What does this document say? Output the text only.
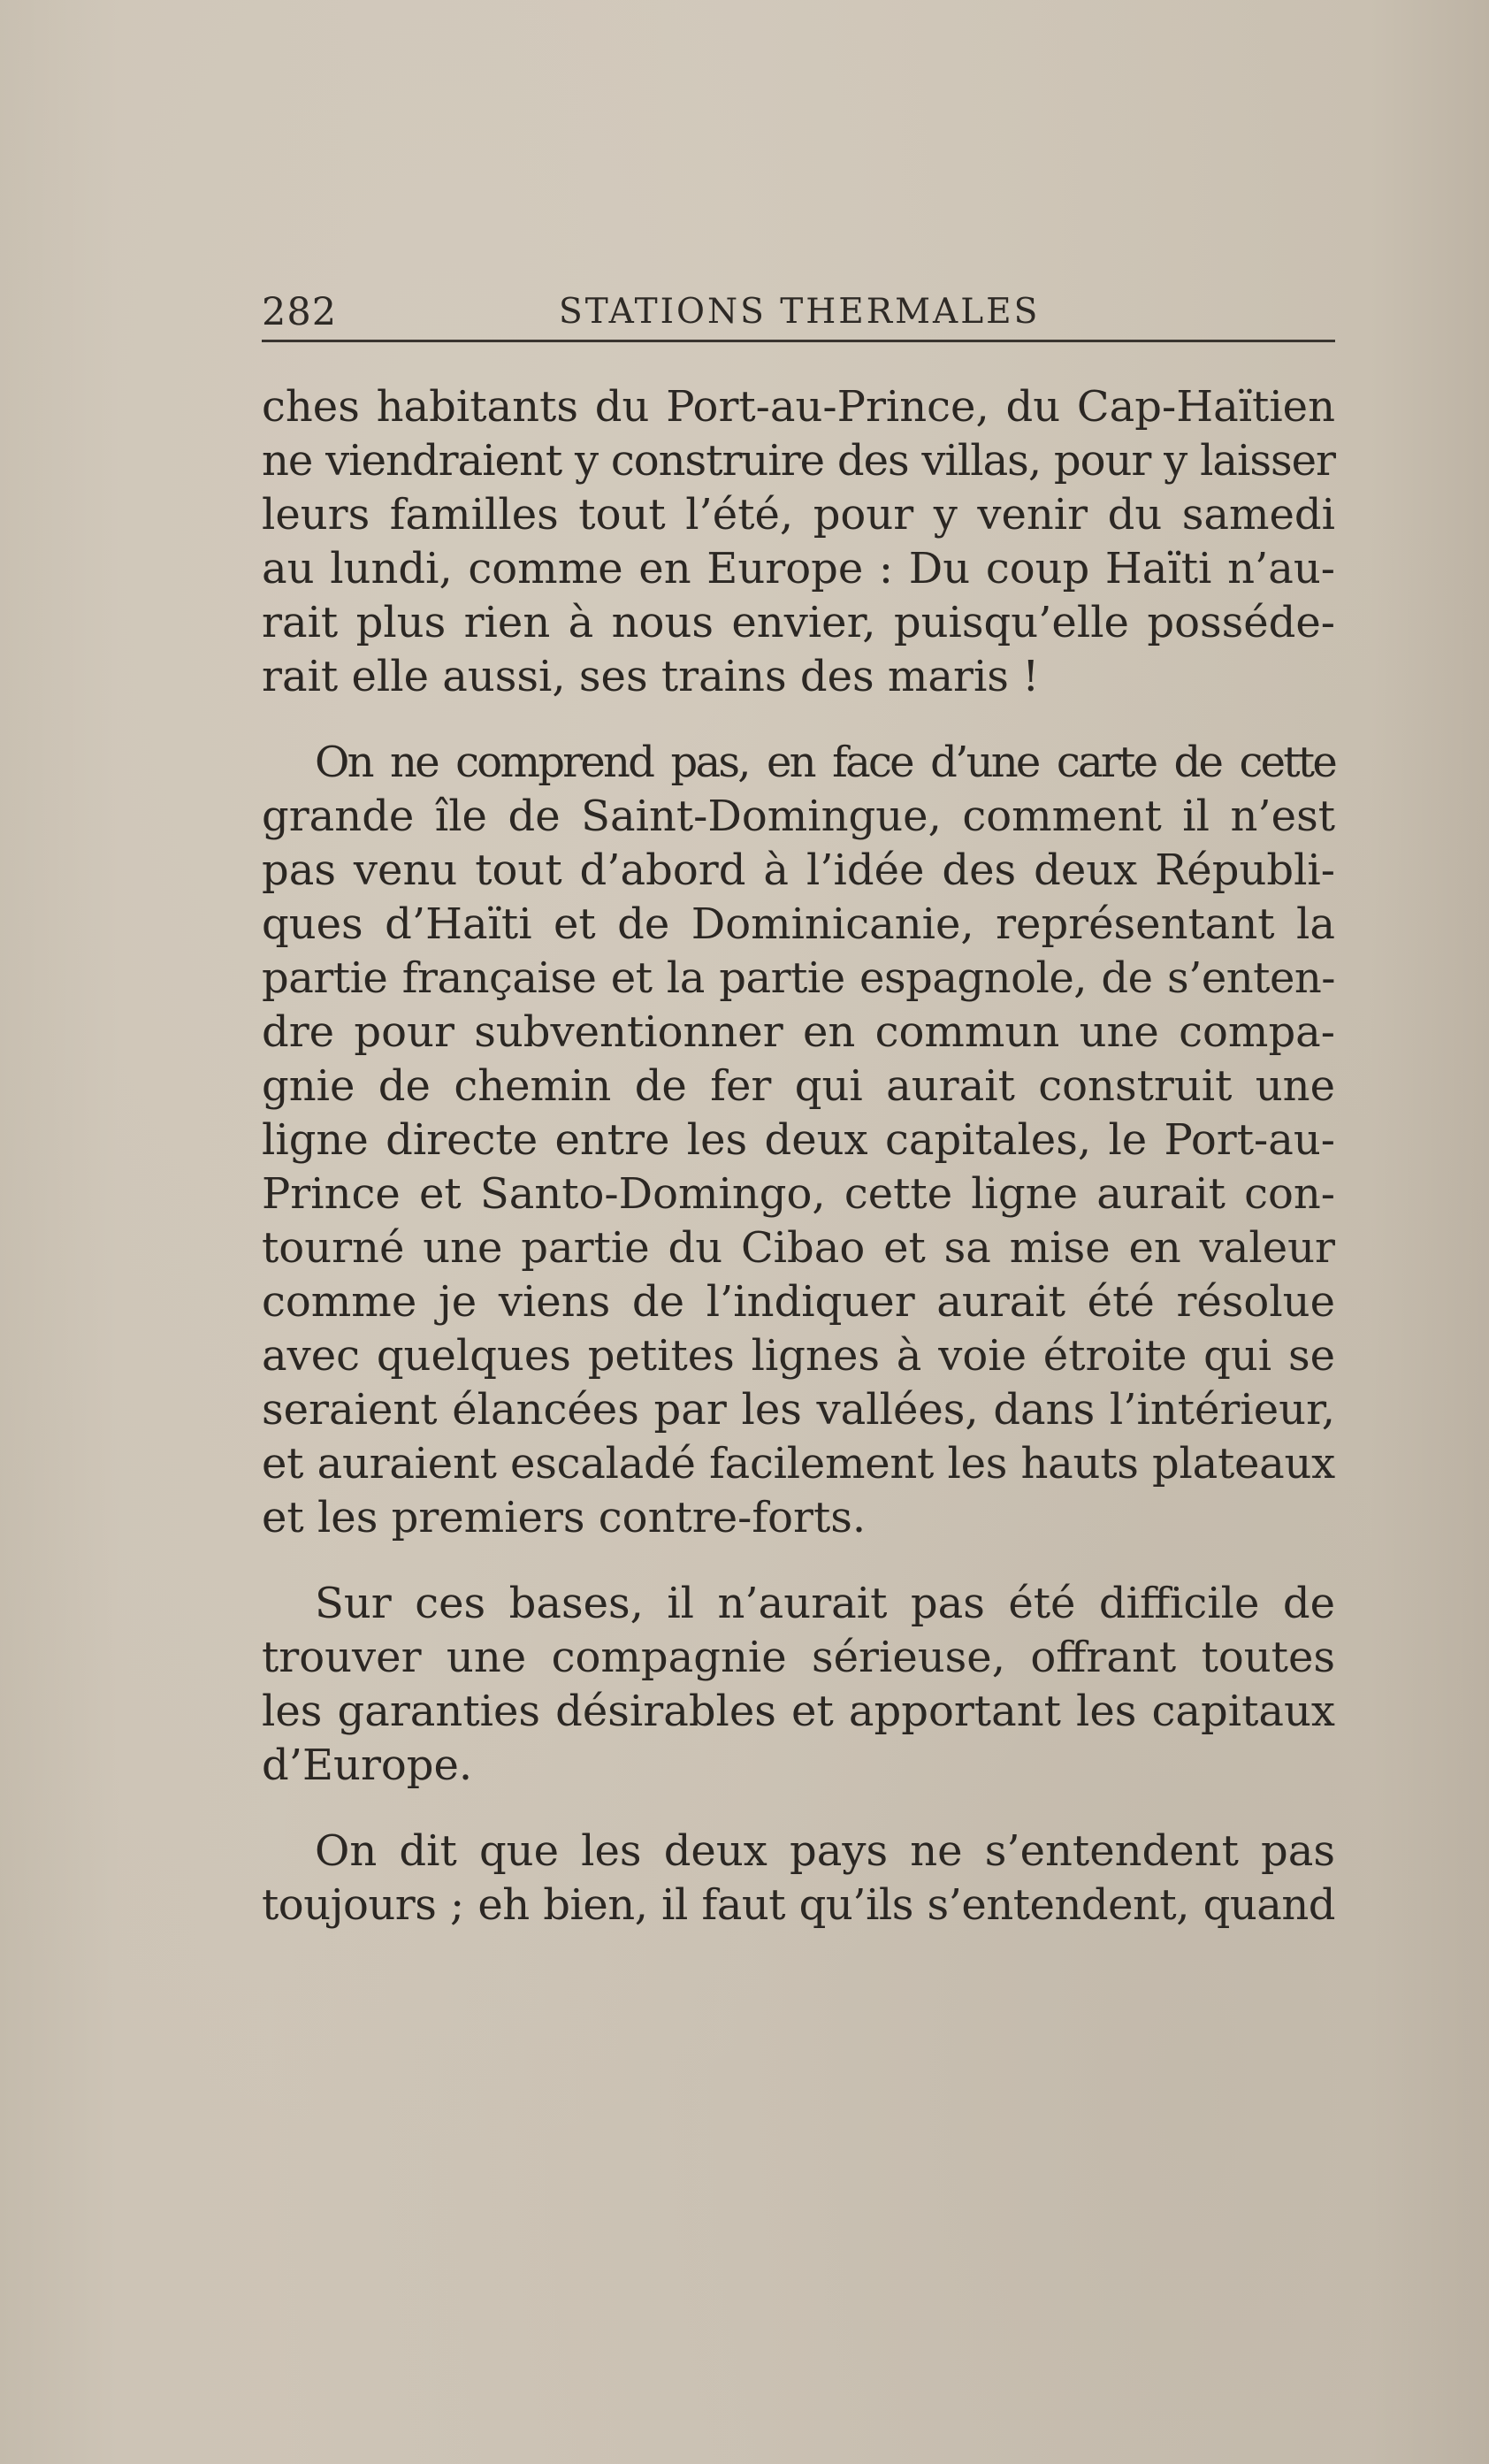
282	STATIONS THERMALES

ches habitants du Port-au-Prince, du Cap-Haïtien
ne viendraient y construire des villas, pour y laisser
leurs familles tout l’été, pour y venir du samedi
au lundi, comme en Europe : Du coup Haïti n’au-
rait plus rien à nous envier, puisqu’elle posséde-
rait elle aussi, ses trains des maris !

On ne comprend pas, en face d’une carte de cette
grande île de Saint-Domingue, comment il n’est
pas venu tout d’abord à l’idée des deux Républi-
ques d’Haïti et de Dominicanie, représentant la
partie française et la partie espagnole, de s’enten-
dre pour subventionner en commun une compa-
gnie de chemin de fer qui aurait construit une
ligne directe entre les deux capitales, le Port-au-
Prince et Santo-Domingo, cette ligne aurait con-
tourné une partie du Cibao et sa mise en valeur
comme je viens de l’indiquer aurait été résolue
avec quelques petites lignes à voie étroite qui se
seraient élancées par les vallées, dans l’intérieur,
et auraient escaladé facilement les hauts plateaux
et les premiers contre-forts.

Sur ces bases, il n’aurait pas été difficile de
trouver une compagnie sérieuse, offrant toutes
les garanties désirables et apportant les capitaux
d’Europe.

On dit que les deux pays ne s’entendent pas
toujours ; eh bien, il faut qu’ils s’entendent, quand
